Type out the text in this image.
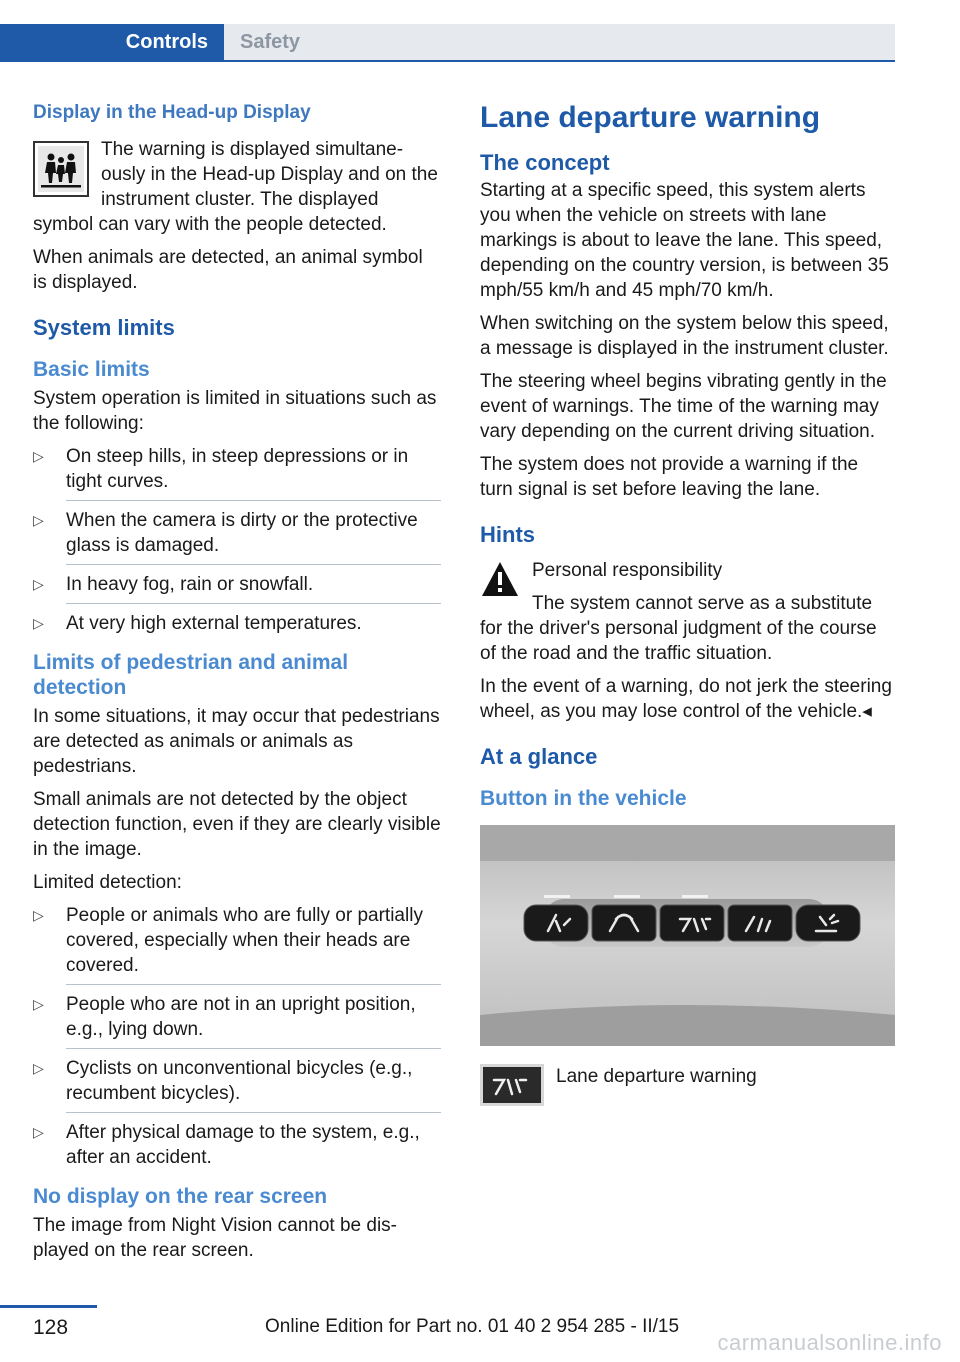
Controls	Safety
Display in the Head-up Display

The warning is displayed simultaneously in the Head-up Display and on the instrument cluster. The displayed symbol can vary with the people detected.

When animals are detected, an animal symbol is displayed.

System limits
Basic limits

System operation is limited in situations such as the following:

▷ On steep hills, in steep depressions or in tight curves.
▷ When the camera is dirty or the protective glass is damaged.
▷ In heavy fog, rain or snowfall.
▷ At very high external temperatures.
Limits of pedestrian and animal detection

In some situations, it may occur that pedestrians are detected as animals or animals as pedestrians.

Small animals are not detected by the object detection function, even if they are clearly visible in the image.

Limited detection:

▷ People or animals who are fully or partially covered, especially when their heads are covered.
▷ People who are not in an upright position, e.g., lying down.
▷ Cyclists on unconventional bicycles (e.g., recumbent bicycles).
▷ After physical damage to the system, e.g., after an accident.
No display on the rear screen

The image from Night Vision cannot be displayed on the rear screen.

Lane departure warning
The concept

Starting at a specific speed, this system alerts you when the vehicle on streets with lane markings is about to leave the lane. This speed, depending on the country version, is between 35 mph/55 km/h and 45 mph/70 km/h.

When switching on the system below this speed, a message is displayed in the instrument cluster.

The steering wheel begins vibrating gently in the event of warnings. The time of the warning may vary depending on the current driving situation.

The system does not provide a warning if the turn signal is set before leaving the lane.

Hints

Personal responsibility

The system cannot serve as a substitute for the driver's personal judgment of the course of the road and the traffic situation.

In the event of a warning, do not jerk the steering wheel, as you may lose control of the vehicle.◂

At a glance
Button in the vehicle

Lane departure warning

128	Online Edition for Part no. 01 40 2 954 285 - II/15
carmanualsonline.info
